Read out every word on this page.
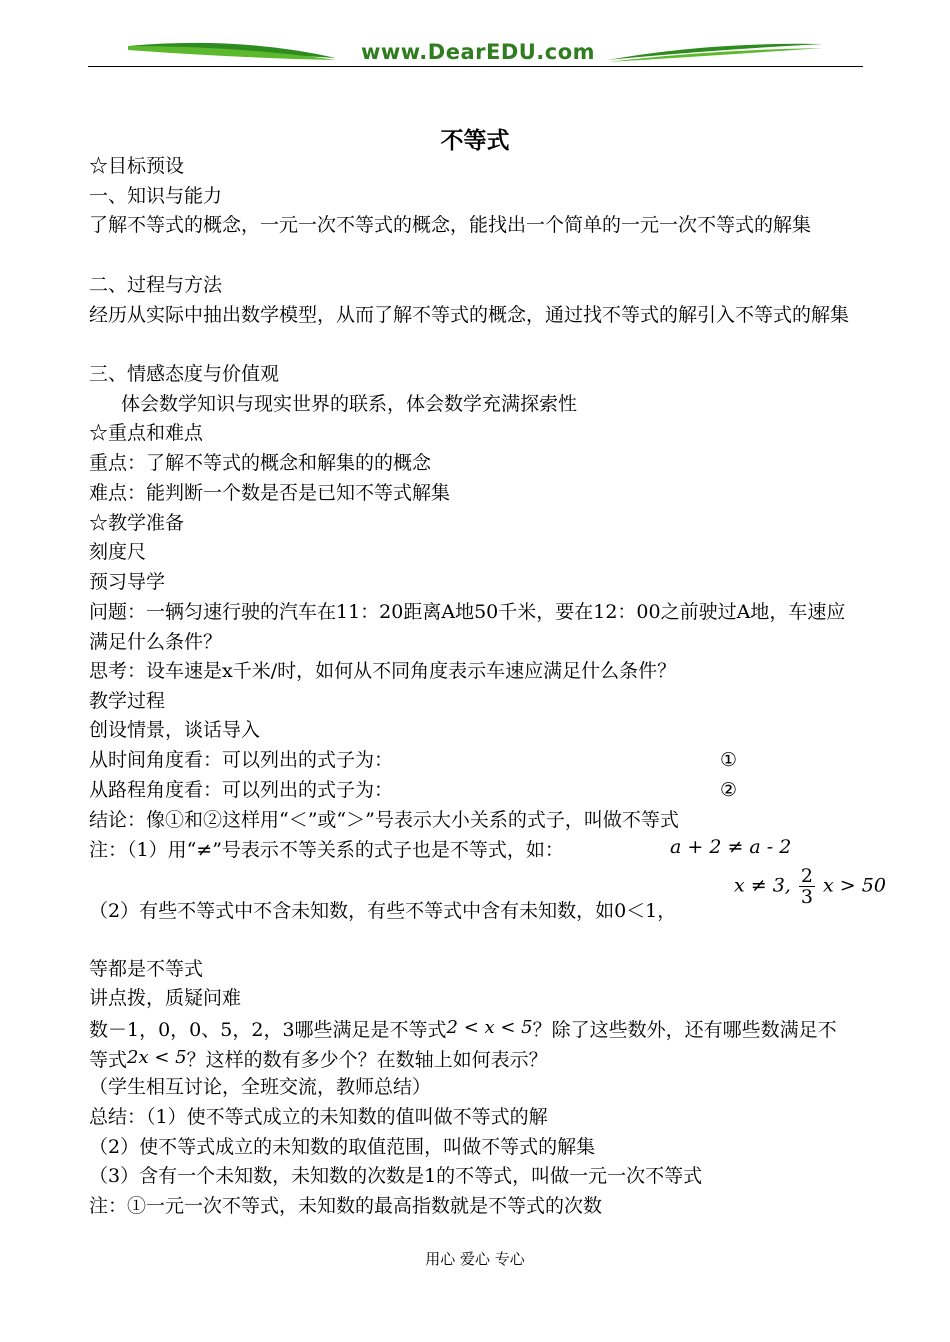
www.DearEDU.com
不等式
☆目标预设
一、知识与能力
了解不等式的概念，一元一次不等式的概念，能找出一个简单的一元一次不等式的解集
二、过程与方法
经历从实际中抽出数学模型，从而了解不等式的概念，通过找不等式的解引入不等式的解集
三、情感态度与价值观
体会数学知识与现实世界的联系，体会数学充满探索性
☆重点和难点
重点：了解不等式的概念和解集的的概念
难点：能判断一个数是否是已知不等式解集
☆教学准备
刻度尺
预习导学
问题：一辆匀速行驶的汽车在11：20距离A地50千米，要在12：00之前驶过A地，车速应满足什么条件？
思考：设车速是x千米/时，如何从不同角度表示车速应满足什么条件？
教学过程
创设情景，谈话导入
从时间角度看：可以列出的式子为：	①
从路程角度看：可以列出的式子为：	②
结论：像①和②这样用“＜”或“＞”号表示大小关系的式子，叫做不等式
注：（1）用“≠”号表示不等关系的式子也是不等式，如：	a + 2 ≠ a - 2
x ≠ 3, $\frac{2}{3}$ x > 50
（2）有些不等式中不含未知数，有些不等式中含有未知数，如0＜1，
等都是不等式
讲点拨，质疑问难
数－1，0，0、5，2，3哪些满足是不等式2 < x < 5？除了这些数外，还有哪些数满足不
等式2x < 5？这样的数有多少个？在数轴上如何表示？
（学生相互讨论，全班交流，教师总结）
总结：（1）使不等式成立的未知数的值叫做不等式的解
（2）使不等式成立的未知数的取值范围，叫做不等式的解集
（3）含有一个未知数，未知数的次数是1的不等式，叫做一元一次不等式
注：①一元一次不等式，未知数的最高指数就是不等式的次数
用心 爱心 专心
